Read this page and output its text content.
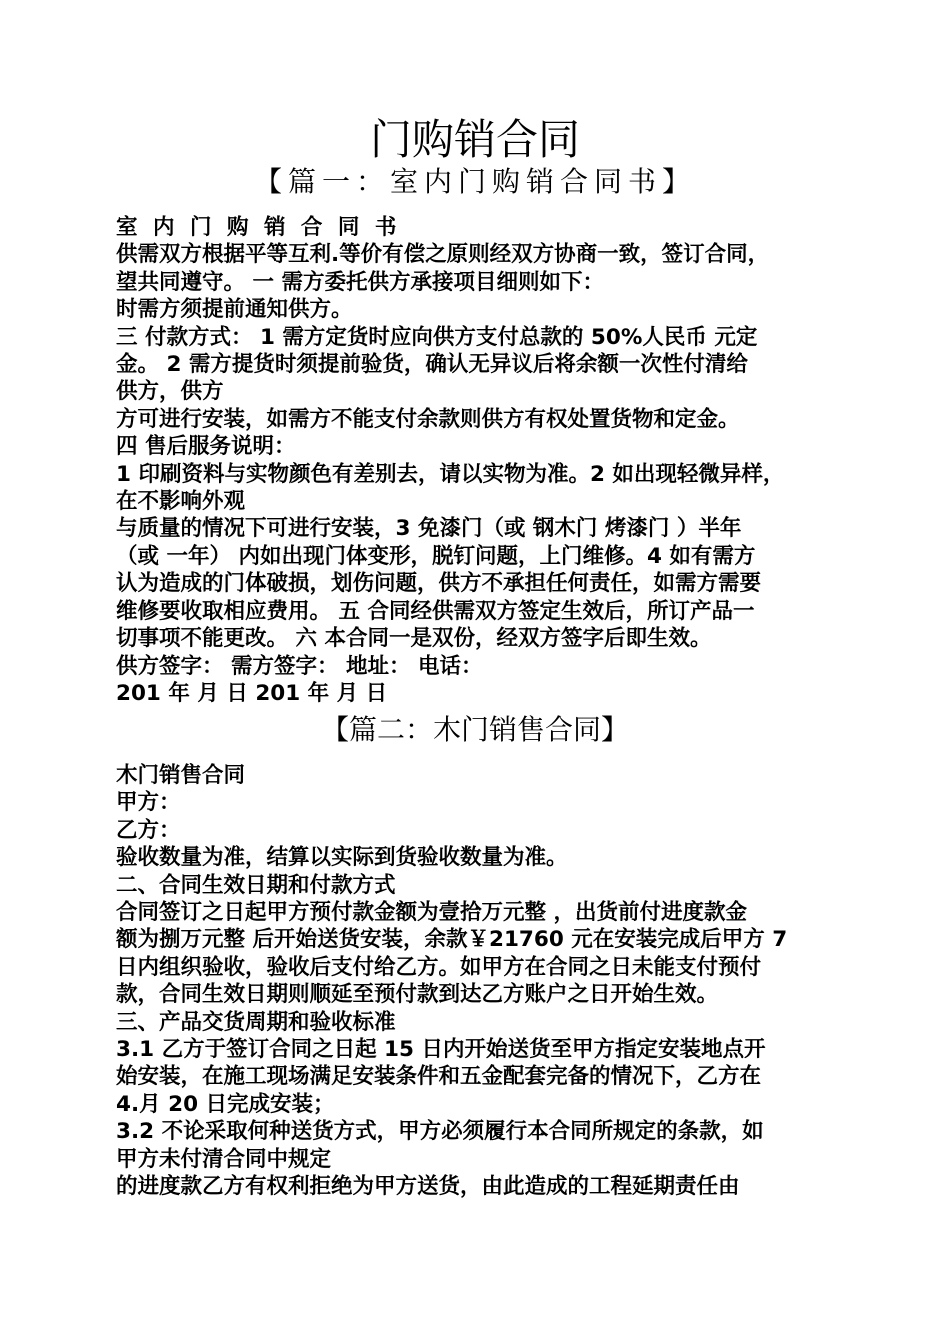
门购销合同
【篇一：室内门购销合同书】

室 内 门 购 销 合 同 书

供需双方根据平等互利.等价有偿之原则经双方协商一致，签订合同，

望共同遵守。 一 需方委托供方承接项目细则如下：

时需方须提前通知供方。

三 付款方式： 1 需方定货时应向供方支付总款的 50%人民币 元定

金。 2 需方提货时须提前验货，确认无异议后将余额一次性付清给

供方，供方

方可进行安装，如需方不能支付余款则供方有权处置货物和定金。

四 售后服务说明：

1 印刷资料与实物颜色有差别去，请以实物为准。2 如出现轻微异样，

在不影响外观

与质量的情况下可进行安装，3 免漆门（或 钢木门 烤漆门 ）半年

（或 一年） 内如出现门体变形，脱钉问题，上门维修。4 如有需方

认为造成的门体破损，划伤问题，供方不承担任何责任，如需方需要

维修要收取相应费用。 五 合同经供需双方签定生效后，所订产品一

切事项不能更改。 六 本合同一是双份，经双方签字后即生效。

供方签字： 需方签字： 地址： 电话：

201 年 月 日 201 年 月 日

【篇二：木门销售合同】

木门销售合同

甲方：

乙方：

验收数量为准，结算以实际到货验收数量为准。

二、合同生效日期和付款方式

合同签订之日起甲方预付款金额为壹拾万元整 ，出货前付进度款金

额为捌万元整 后开始送货安装，余款￥21760 元在安装完成后甲方 7

日内组织验收，验收后支付给乙方。如甲方在合同之日未能支付预付

款，合同生效日期则顺延至预付款到达乙方账户之日开始生效。

三、产品交货周期和验收标准

3.1 乙方于签订合同之日起 15 日内开始送货至甲方指定安装地点开

始安装，在施工现场满足安装条件和五金配套完备的情况下，乙方在

4.月 20 日完成安装；

3.2 不论采取何种送货方式，甲方必须履行本合同所规定的条款，如

甲方未付清合同中规定

的进度款乙方有权利拒绝为甲方送货，由此造成的工程延期责任由
